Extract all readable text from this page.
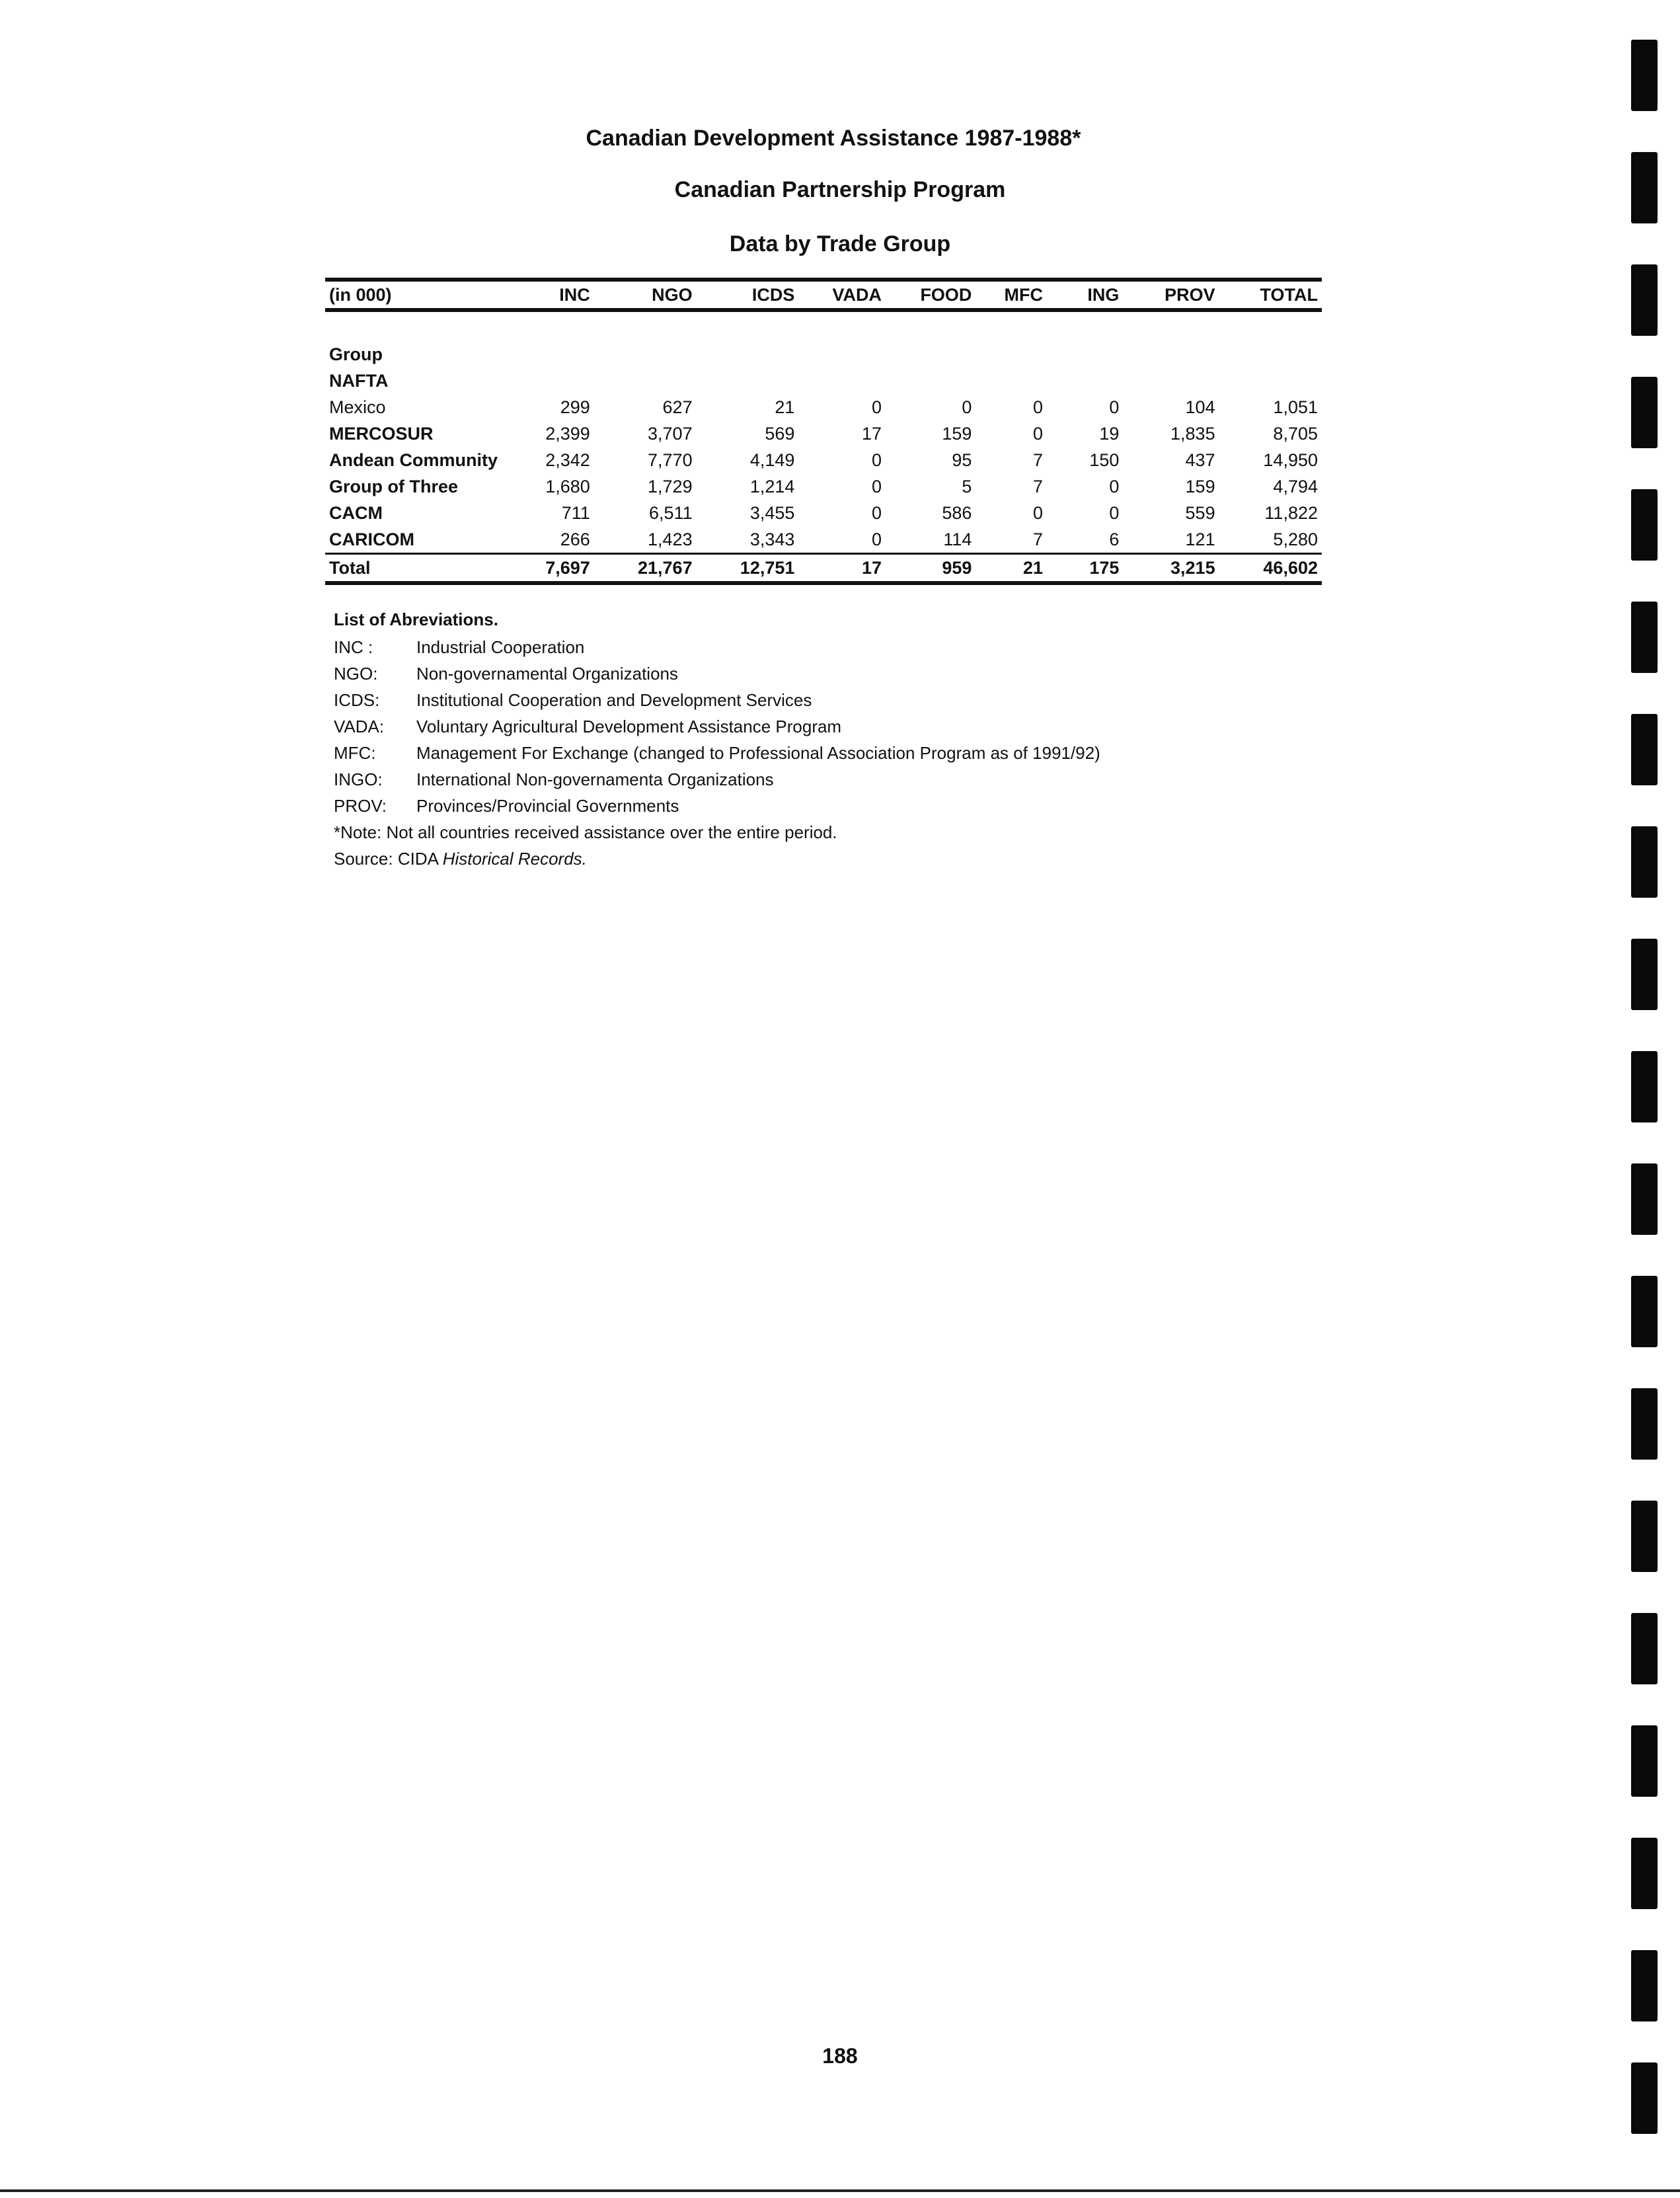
Canadian Development Assistance 1987-1988*
Canadian Partnership Program
Data by Trade Group
(in 000)	INC	NGO	ICDS	VADA	FOOD	MFC	ING	PROV	TOTAL

Group									
NAFTA									
Mexico	299	627	21	0	0	0	0	104	1,051
MERCOSUR	2,399	3,707	569	17	159	0	19	1,835	8,705
Andean Community	2,342	7,770	4,149	0	95	7	150	437	14,950
Group of Three	1,680	1,729	1,214	0	5	7	0	159	4,794
CACM	711	6,511	3,455	0	586	0	0	559	11,822
CARICOM	266	1,423	3,343	0	114	7	6	121	5,280
Total	7,697	21,767	12,751	17	959	21	175	3,215	46,602
List of Abreviations.
INC :	Industrial Cooperation
NGO:	Non-governamental Organizations
ICDS:	Institutional Cooperation and Development Services
VADA:	Voluntary Agricultural Development Assistance Program
MFC:	Management For Exchange (changed to Professional Association Program as of 1991/92)
INGO:	International Non-governamenta Organizations
PROV:	Provinces/Provincial Governments
*Note: Not all countries received assistance over the entire period.
Source: CIDA Historical Records.
188
